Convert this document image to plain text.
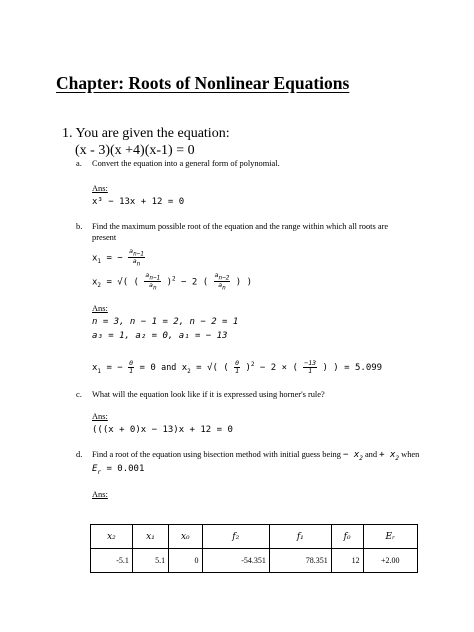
Chapter: Roots of Nonlinear Equations
1. You are given the equation:
(x - 3)(x +4)(x-1) = 0
a. Convert the equation into a general form of polynomial.
Ans:
x³ − 13x + 12 = 0
b. Find the maximum possible root of the equation and the range within which all roots are
present
$x_1$ = − $\frac{a_{n-1}}{a_n}$
$x_2$ = √( ( $\frac{a_{n-1}}{a_n} )^2 - 2$ ( $\frac{a_{n-2}}{a_n}$ ) )
Ans:
n = 3, n − 1 = 2, n − 2 = 1
a₃ = 1, a₂ = 0, a₁ = − 13
$x_1$ = − $\frac{0}{1} = 0$ and $x_2$ = √( ( $\frac{0}{1} )^2 - 2$ × ( $\frac{-13}{1}$ ) ) = 5.099
c. What will the equation look like if it is expressed using horner's rule?
Ans:
(((x + 0)x − 13)x + 12 = 0
d. Find a root of the equation using bisection method with initial guess being − $x_2$ and + $x_2$ when
$E_r = 0.001$
Ans:
x₂	x₁	x₀	f₂	f₁	f₀	Eᵣ
-5.1	5.1	0	-54.351	78.351	12	+2.00
